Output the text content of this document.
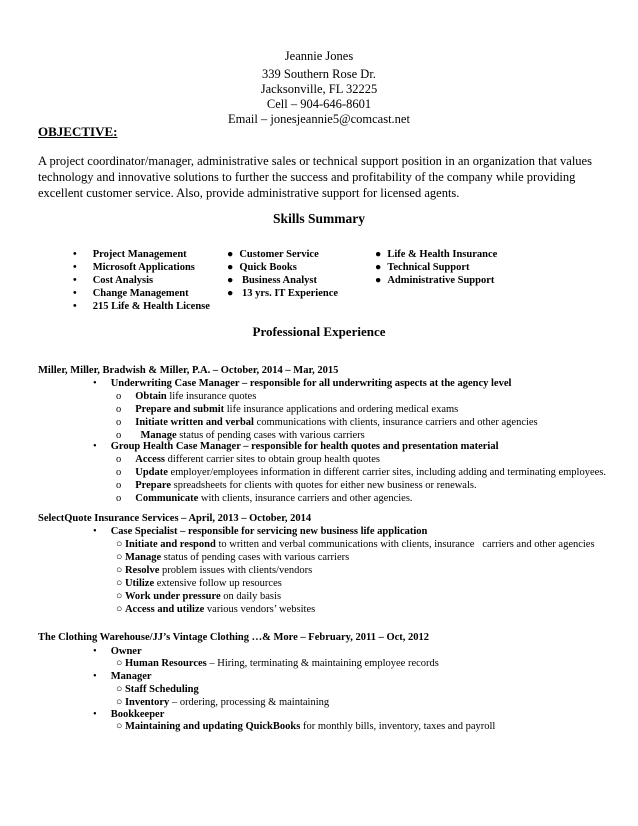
Jeannie Jones
339 Southern Rose Dr.
Jacksonville, FL 32225
Cell – 904-646-8601
Email – jonesjeannie5@comcast.net
OBJECTIVE:
A project coordinator/manager, administrative sales or technical support position in an organization that values
technology and innovative solutions to further the success and profitability of the company while providing
excellent customer service. Also, provide administrative support for licensed agents.
Skills Summary
• Project Management
• Microsoft Applications
• Cost Analysis
• Change Management
• 215 Life & Health License
● Customer Service
● Quick Books
● Business Analyst
● 13 yrs. IT Experience
● Life & Health Insurance
● Technical Support
● Administrative Support
Professional Experience
Miller, Miller, Bradwish & Miller, P.A. – October, 2014 – Mar, 2015
• Underwriting Case Manager – responsible for all underwriting aspects at the agency level
o Obtain life insurance quotes
o Prepare and submit life insurance applications and ordering medical exams
o Initiate written and verbal communications with clients, insurance carriers and other agencies
o  Manage status of pending cases with various carriers
• Group Health Case Manager – responsible for health quotes and presentation material
o Access different carrier sites to obtain group health quotes
o Update employer/employees information in different carrier sites, including adding and terminating employees.
o Prepare spreadsheets for clients with quotes for either new business or renewals.
o Communicate with clients, insurance carriers and other agencies.
SelectQuote Insurance Services – April, 2013 – October, 2014
• Case Specialist – responsible for servicing new business life application
○ Initiate and respond to written and verbal communications with clients, insurance   carriers and other agencies
○ Manage status of pending cases with various carriers
○ Resolve problem issues with clients/vendors
○ Utilize extensive follow up resources
○ Work under pressure on daily basis
○ Access and utilize various vendors’ websites
The Clothing Warehouse/JJ’s Vintage Clothing …& More – February, 2011 – Oct, 2012
• Owner
○ Human Resources – Hiring, terminating & maintaining employee records
• Manager
○ Staff Scheduling
○ Inventory – ordering, processing & maintaining
• Bookkeeper
○ Maintaining and updating QuickBooks for monthly bills, inventory, taxes and payroll
